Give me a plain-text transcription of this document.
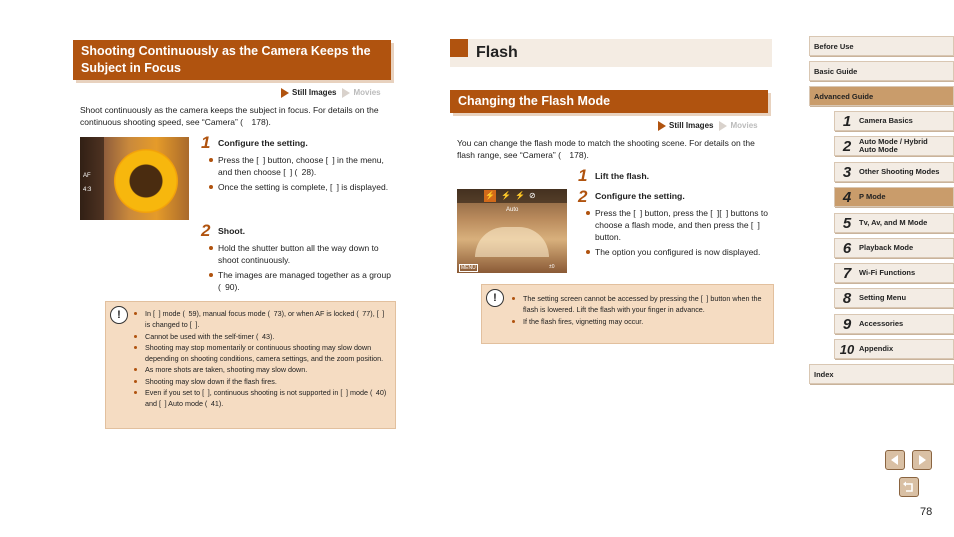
Shooting Continuously as the Camera Keeps the Subject in Focus
Still Images	Movies
Shoot continuously as the camera keeps the subject in focus. For details on the continuous shooting speed, see “Camera” ( 178).
AF
4:3
1 Configure the setting.
Press the [ ] button, choose [ ] in the menu, and then choose [ ] ( 28).
Once the setting is complete, [ ] is displayed.
2 Shoot.
Hold the shutter button all the way down to shoot continuously.
The images are managed together as a group ( 90).
!	In [ ] mode ( 59), manual focus mode ( 73), or when AF is locked ( 77), [ ] is changed to [ ].
Cannot be used with the self-timer ( 43).
Shooting may stop momentarily or continuous shooting may slow down depending on shooting conditions, camera settings, and the zoom position.
As more shots are taken, shooting may slow down.
Shooting may slow down if the flash fires.
Even if you set to [ ], continuous shooting is not supported in [ ] mode ( 40) and [ ] Auto mode ( 41).
Flash
Changing the Flash Mode
Still Images	Movies
You can change the flash mode to match the shooting scene. For details on the flash range, see “Camera” ( 178).
⚡ ⚡ ⚡ ⊘
Auto
MENU	±0
1 Lift the flash.
2 Configure the setting.
Press the [ ] button, press the [ ][ ] buttons to choose a flash mode, and then press the [ ] button.
The option you configured is now displayed.
!	The setting screen cannot be accessed by pressing the [ ] button when the flash is lowered. Lift the flash with your finger in advance.
If the flash fires, vignetting may occur.
Before Use
Basic Guide
Advanced Guide
1	Camera Basics
2	Auto Mode / Hybrid Auto Mode
3	Other Shooting Modes
4	P Mode
5	Tv, Av, and M Mode
6	Playback Mode
7	Wi-Fi Functions
8	Setting Menu
9	Accessories
10 Appendix
Index
78
